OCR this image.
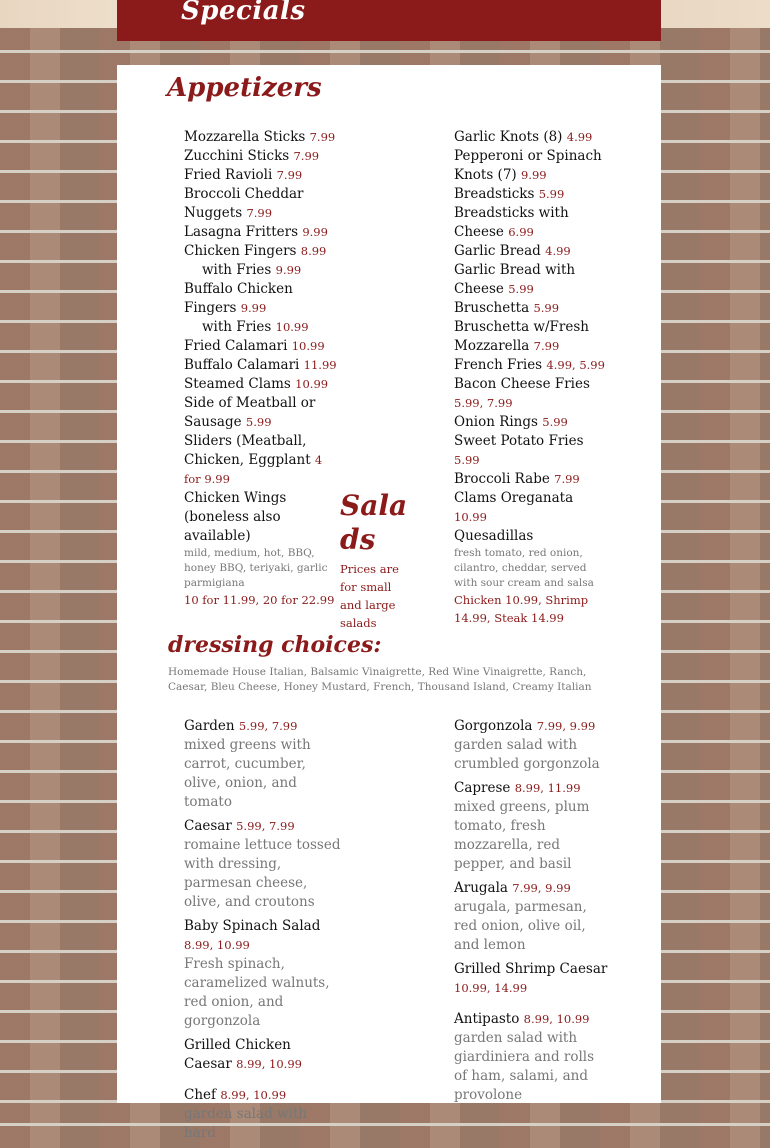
Specials
Appetizers
Mozzarella Sticks 7.99
Zucchini Sticks 7.99
Fried Ravioli 7.99
Broccoli Cheddar Nuggets 7.99
Lasagna Fritters 9.99
Chicken Fingers 8.99
with Fries 9.99
Buffalo Chicken Fingers 9.99
with Fries 10.99
Fried Calamari 10.99
Buffalo Calamari 11.99
Steamed Clams 10.99
Side of Meatball or Sausage 5.99
Sliders (Meatball, Chicken, Eggplant 4 for 9.99
Chicken Wings (boneless also available)
mild, medium, hot, BBQ, honey BBQ, teriyaki, garlic parmigiana
10 for 11.99, 20 for 22.99
Garlic Knots (8) 4.99
Pepperoni or Spinach Knots (7) 9.99
Breadsticks 5.99
Breadsticks with Cheese 6.99
Garlic Bread 4.99
Garlic Bread with Cheese 5.99
Bruschetta 5.99
Bruschetta w/Fresh Mozzarella 7.99
French Fries 4.99, 5.99
Bacon Cheese Fries 5.99, 7.99
Onion Rings 5.99
Sweet Potato Fries 5.99
Broccoli Rabe 7.99
Clams Oreganata 10.99
Quesadillas
fresh tomato, red onion, cilantro, cheddar, served with sour cream and salsa
Chicken 10.99, Shrimp 14.99, Steak 14.99
Salads
Prices are for small and large salads
dressing choices:
Homemade House Italian, Balsamic Vinaigrette, Red Wine Vinaigrette, Ranch, Caesar, Bleu Cheese, Honey Mustard, French, Thousand Island, Creamy Italian
Garden 5.99, 7.99
mixed greens with carrot, cucumber, olive, onion, and tomato
Caesar 5.99, 7.99
romaine lettuce tossed with dressing, parmesan cheese, olive, and croutons
Baby Spinach Salad 8.99, 10.99
Fresh spinach, caramelized walnuts, red onion, and gorgonzola
Grilled Chicken Caesar 8.99, 10.99
Chef 8.99, 10.99
garden salad with hard
Gorgonzola 7.99, 9.99
garden salad with crumbled gorgonzola
Caprese 8.99, 11.99
mixed greens, plum tomato, fresh mozzarella, red pepper, and basil
Arugala 7.99, 9.99
arugala, parmesan, red onion, olive oil, and lemon
Grilled Shrimp Caesar 10.99, 14.99
Antipasto 8.99, 10.99
garden salad with giardiniera and rolls of ham, salami, and provolone
